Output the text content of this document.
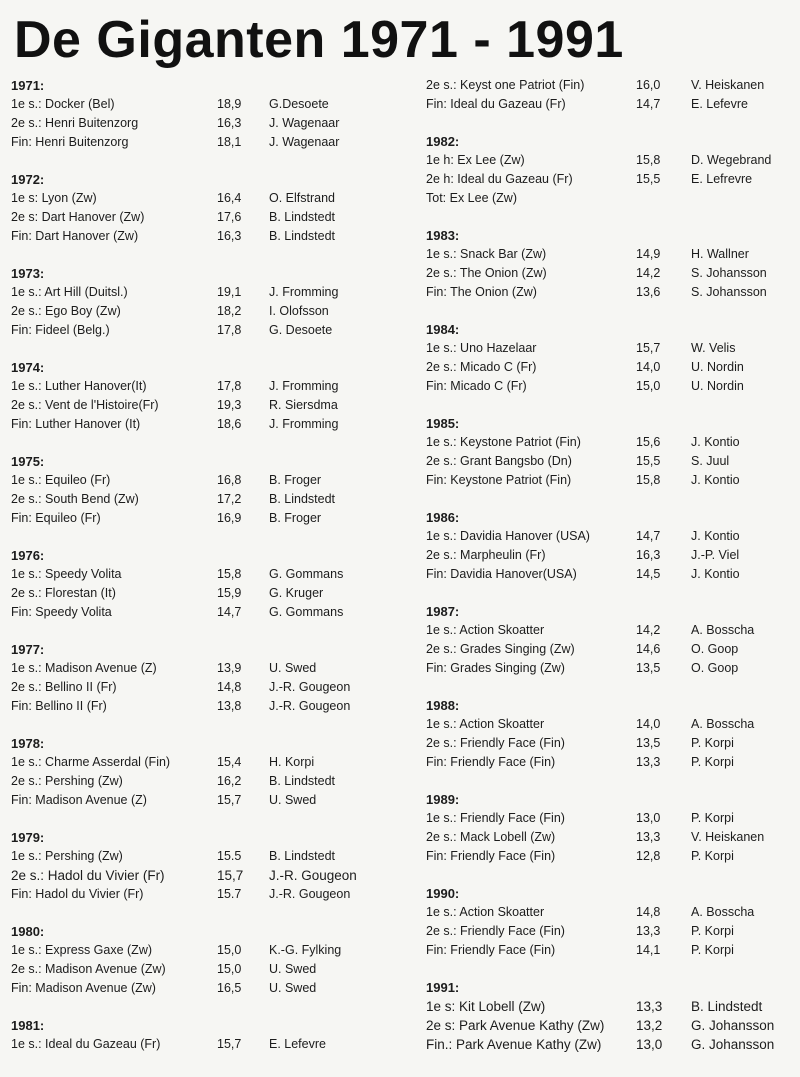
De Giganten 1971 - 1991
1971:
1e s.: Docker (Bel)	18,9 G.Desoete
2e s.: Henri Buitenzorg	16,3 J. Wagenaar
Fin: Henri Buitenzorg	18,1 J. Wagenaar
1972:
1e s: Lyon (Zw)	16,4 O. Elfstrand
2e s: Dart Hanover (Zw)	17,6 B. Lindstedt
Fin: Dart Hanover (Zw)	16,3 B. Lindstedt
1973:
1e s.: Art Hill (Duitsl.)	19,1 J. Fromming
2e s.: Ego Boy (Zw)	18,2 I. Olofsson
Fin: Fideel (Belg.)	17,8 G. Desoete
1974:
1e s.: Luther Hanover(It)	17,8 J. Fromming
2e s.: Vent de l'Histoire(Fr)	19,3 R. Siersdma
Fin: Luther Hanover (It)	18,6 J. Fromming
1975:
1e s.: Equileo (Fr)	16,8 B. Froger
2e s.: South Bend (Zw)	17,2 B. Lindstedt
Fin: Equileo (Fr)	16,9 B. Froger
1976:
1e s.: Speedy Volita	15,8 G. Gommans
2e s.: Florestan (It)	15,9 G. Kruger
Fin: Speedy Volita	14,7 G. Gommans
1977:
1e s.: Madison Avenue (Z)	13,9 U. Swed
2e s.: Bellino II (Fr)	14,8 J.-R. Gougeon
Fin: Bellino II (Fr)	13,8 J.-R. Gougeon
1978:
1e s.: Charme Asserdal (Fin)	15,4 H. Korpi
2e s.: Pershing (Zw)	16,2 B. Lindstedt
Fin: Madison Avenue (Z)	15,7 U. Swed
1979:
1e s.: Pershing (Zw)	15.5 B. Lindstedt
2e s.: Hadol du Vivier (Fr)	15,7 J.-R. Gougeon
Fin: Hadol du Vivier (Fr)	15.7 J.-R. Gougeon
1980:
1e s.: Express Gaxe (Zw)	15,0 K.-G. Fylking
2e s.: Madison Avenue (Zw)	15,0 U. Swed
Fin: Madison Avenue (Zw)	16,5 U. Swed
1981:
1e s.: Ideal du Gazeau (Fr)	15,7 E. Lefevre
2e s.: Keyst one Patriot (Fin)	16,0 V. Heiskanen
Fin: Ideal du Gazeau (Fr)	14,7 E. Lefevre
1982:
1e h: Ex Lee (Zw)	15,8 D. Wegebrand
2e h: Ideal du Gazeau (Fr)	15,5 E. Lefrevre
Tot: Ex Lee (Zw)
1983:
1e s.: Snack Bar (Zw)	14,9 H. Wallner
2e s.: The Onion (Zw)	14,2 S. Johansson
Fin: The Onion (Zw)	13,6 S. Johansson
1984:
1e s.: Uno Hazelaar	15,7 W. Velis
2e s.: Micado C (Fr)	14,0 U. Nordin
Fin: Micado C (Fr)	15,0 U. Nordin
1985:
1e s.: Keystone Patriot (Fin)	15,6 J. Kontio
2e s.: Grant Bangsbo (Dn)	15,5 S. Juul
Fin: Keystone Patriot (Fin)	15,8 J. Kontio
1986:
1e s.: Davidia Hanover (USA)	14,7 J. Kontio
2e s.: Marpheulin (Fr)	16,3 J.-P. Viel
Fin: Davidia Hanover(USA)	14,5 J. Kontio
1987:
1e s.: Action Skoatter	14,2 A. Bosscha
2e s.: Grades Singing (Zw)	14,6 O. Goop
Fin: Grades Singing (Zw)	13,5 O. Goop
1988:
1e s.: Action Skoatter	14,0 A. Bosscha
2e s.: Friendly Face (Fin)	13,5 P. Korpi
Fin: Friendly Face (Fin)	13,3 P. Korpi
1989:
1e s.: Friendly Face (Fin)	13,0 P. Korpi
2e s.: Mack Lobell (Zw)	13,3 V. Heiskanen
Fin: Friendly Face (Fin)	12,8 P. Korpi
1990:
1e s.: Action Skoatter	14,8 A. Bosscha
2e s.: Friendly Face (Fin)	13,3 P. Korpi
Fin: Friendly Face (Fin)	14,1 P. Korpi
1991:
1e s: Kit Lobell (Zw)	13,3 B. Lindstedt
2e s: Park Avenue Kathy (Zw) 13,2 G. Johansson
Fin.: Park Avenue Kathy (Zw)	13,0 G. Johansson
